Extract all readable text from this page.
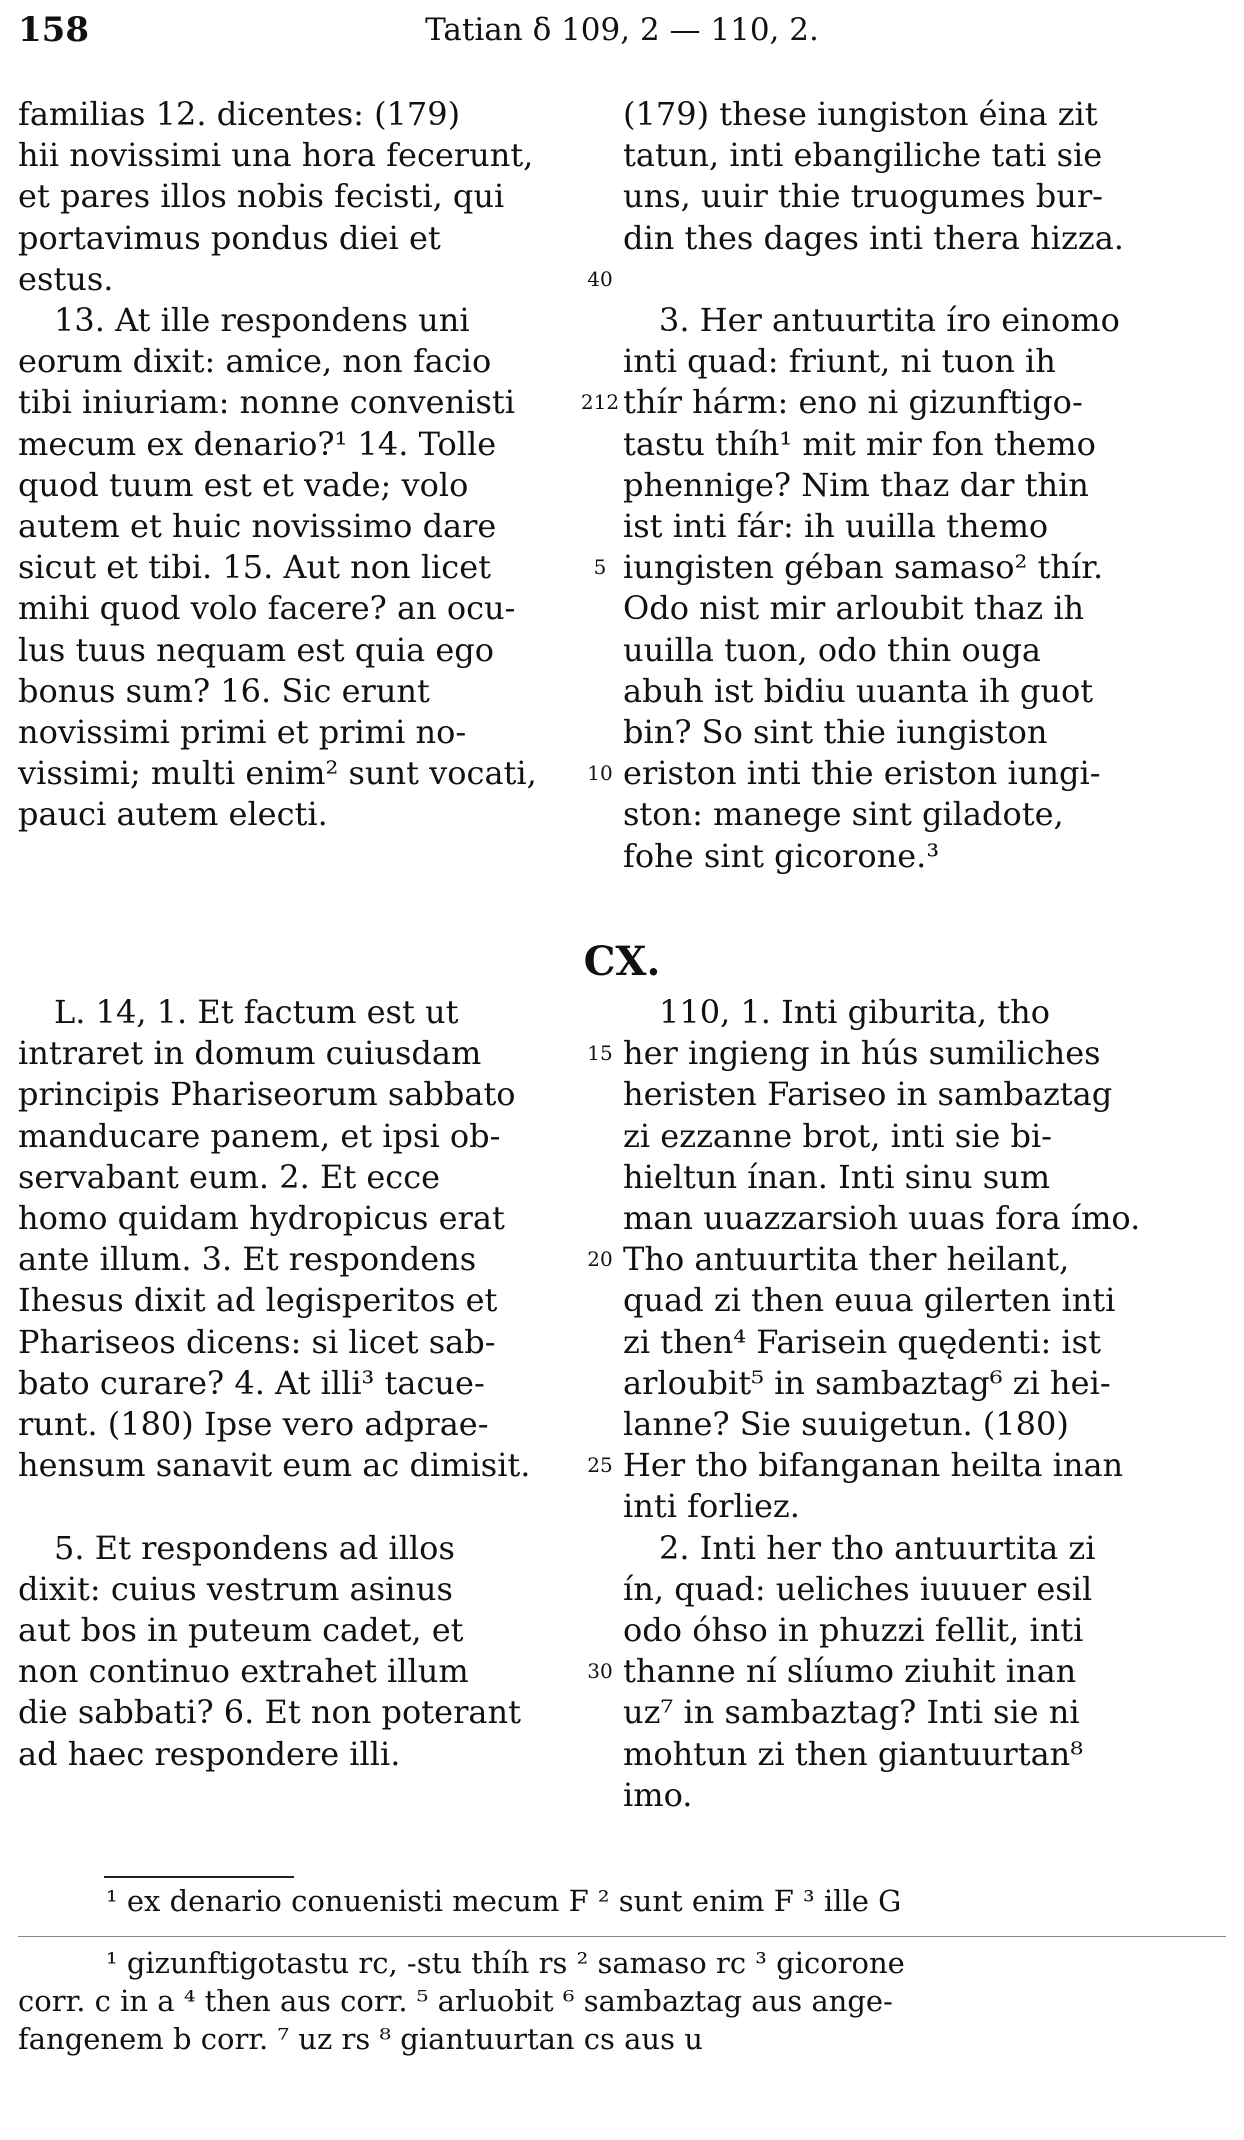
158	Tatian δ 109, 2 — 110, 2.
familias 12. dicentes: (179)
hii novissimi una hora fecerunt,
et pares illos nobis fecisti, qui
portavimus pondus diei et
estus.
13. At ille respondens uni
eorum dixit: amice, non facio
tibi iniuriam: nonne convenisti
mecum ex denario?¹ 14. Tolle
quod tuum est et vade; volo
autem et huic novissimo dare
sicut et tibi. 15. Aut non licet
mihi quod volo facere? an ocu-
lus tuus nequam est quia ego
bonus sum? 16. Sic erunt
novissimi primi et primi no-
vissimi; multi enim² sunt vocati,
pauci autem electi.
(179) these iungiston éina zit
tatun, inti ebangiliche tati sie
uns, uuir thie truogumes bur-
din thes dages inti thera hizza.

3. Her antuurtita íro einomo
inti quad: friunt, ni tuon ih
thír hárm: eno ni gizunftigo-
tastu thíh¹ mit mir fon themo
phennige? Nim thaz dar thin
ist inti fár: ih uuilla themo
iungisten géban samaso² thír.
Odo nist mir arloubit thaz ih
uuilla tuon, odo thin ouga
abuh ist bidiu uuanta ih guot
bin? So sint thie iungiston
eriston inti thie eriston iungi-
ston: manege sint giladote,
fohe sint gicorone.³
40
212
5
10
CX.
L. 14, 1. Et factum est ut
intraret in domum cuiusdam
principis Phariseorum sabbato
manducare panem, et ipsi ob-
servabant eum. 2. Et ecce
homo quidam hydropicus erat
ante illum. 3. Et respondens
Ihesus dixit ad legisperitos et
Phariseos dicens: si licet sab-
bato curare? 4. At illi³ tacue-
runt. (180) Ipse vero adprae-
hensum sanavit eum ac dimisit.

5. Et respondens ad illos
dixit: cuius vestrum asinus
aut bos in puteum cadet, et
non continuo extrahet illum
die sabbati? 6. Et non poterant
ad haec respondere illi.
110, 1. Inti giburita, tho
her ingieng in hús sumiliches
heristen Fariseo in sambaztag
zi ezzanne brot, inti sie bi-
hieltun ínan. Inti sinu sum
man uuazzarsioh uuas fora ímo.
Tho antuurtita ther heilant,
quad zi then euua gilerten inti
zi then⁴ Farisein quędenti: ist
arloubit⁵ in sambaztag⁶ zi hei-
lanne? Sie suuigetun. (180)
Her tho bifanganan heilta inan
inti forliez.
2. Inti her tho antuurtita zi
ín, quad: ueliches iuuuer esil
odo óhso in phuzzi fellit, inti
thanne ní slíumo ziuhit inan
uz⁷ in sambaztag? Inti sie ni
mohtun zi then giantuurtan⁸
imo.
15
20
25
30
¹ ex denario conuenisti mecum F ² sunt enim F ³ ille G
¹ gizunftigotastu rc, -stu thíh rs ² samaso rc ³ gicorone
corr. c in a ⁴ then aus corr. ⁵ arluobit ⁶ sambaztag aus ange-
fangenem b corr. ⁷ uz rs ⁸ giantuurtan cs aus u
